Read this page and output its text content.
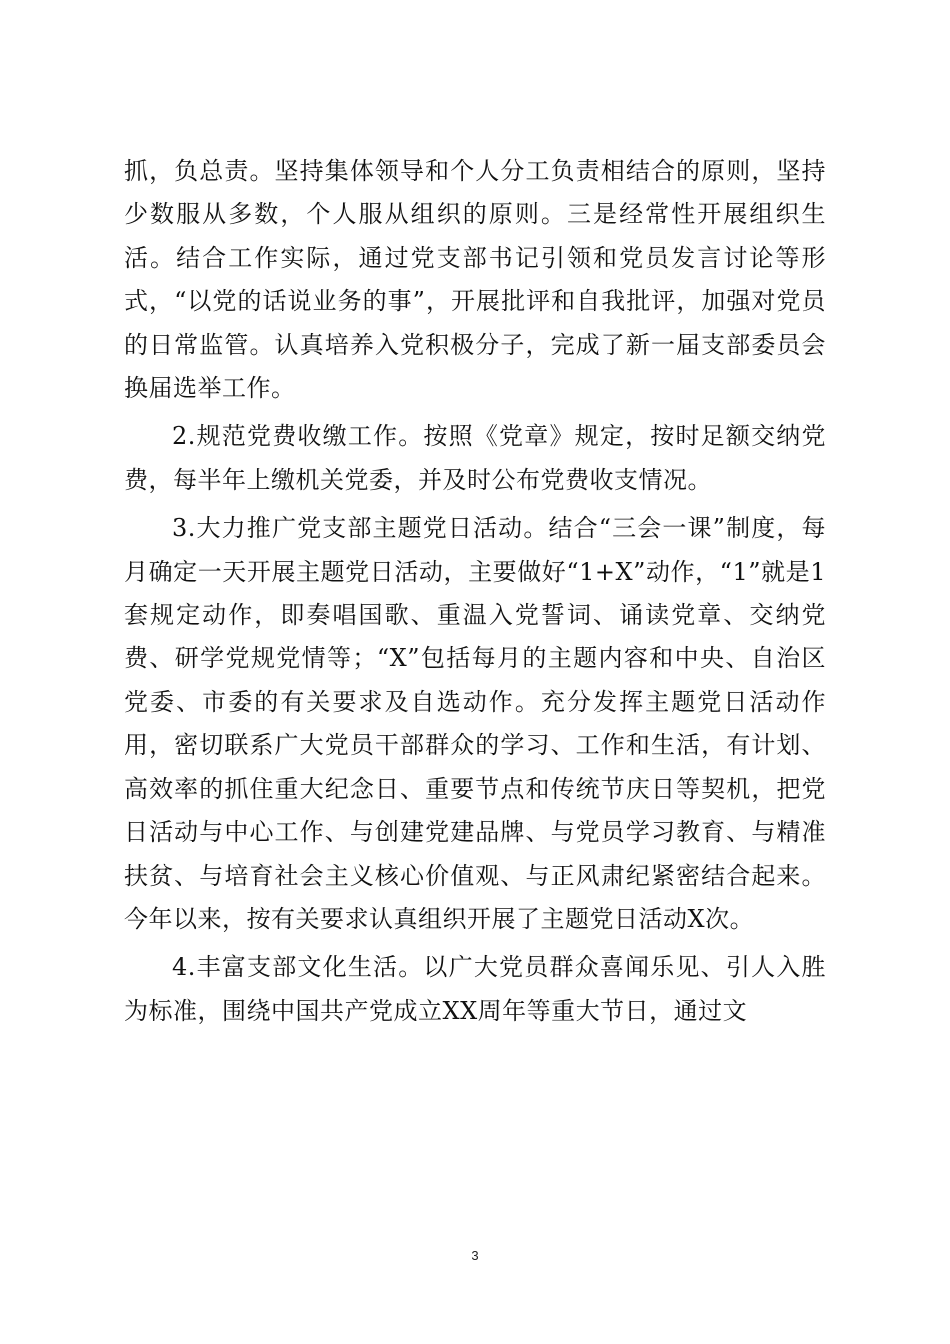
抓，负总责。坚持集体领导和个人分工负责相结合的原则，坚持少数服从多数，个人服从组织的原则。三是经常性开展组织生活。结合工作实际，通过党支部书记引领和党员发言讨论等形式，“以党的话说业务的事”，开展批评和自我批评，加强对党员的日常监管。认真培养入党积极分子，完成了新一届支部委员会换届选举工作。

2.规范党费收缴工作。按照《党章》规定，按时足额交纳党费，每半年上缴机关党委，并及时公布党费收支情况。

3.大力推广党支部主题党日活动。结合“三会一课”制度，每月确定一天开展主题党日活动，主要做好“1+X”动作，“1”就是1套规定动作，即奏唱国歌、重温入党誓词、诵读党章、交纳党费、研学党规党情等；“X”包括每月的主题内容和中央、自治区党委、市委的有关要求及自选动作。充分发挥主题党日活动作用，密切联系广大党员干部群众的学习、工作和生活，有计划、高效率的抓住重大纪念日、重要节点和传统节庆日等契机，把党日活动与中心工作、与创建党建品牌、与党员学习教育、与精准扶贫、与培育社会主义核心价值观、与正风肃纪紧密结合起来。今年以来，按有关要求认真组织开展了主题党日活动X次。

4.丰富支部文化生活。以广大党员群众喜闻乐见、引人入胜为标准，围绕中国共产党成立XX周年等重大节日，通过文

3
